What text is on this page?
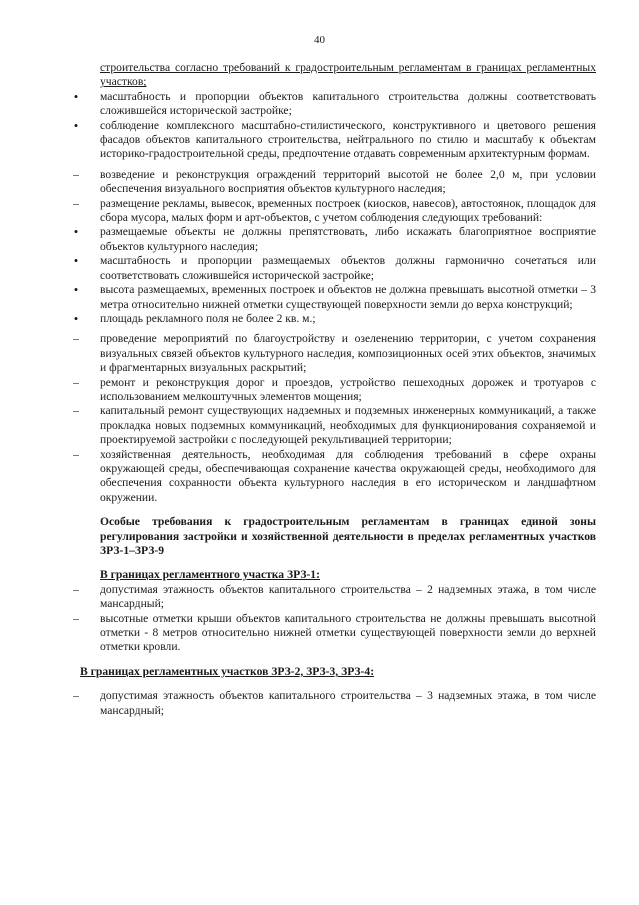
40
строительства согласно требований к градостроительным регламентам в границах регламентных участков;
•	масштабность и пропорции объектов капитального строительства должны соответствовать сложившейся исторической застройке;
•	соблюдение комплексного масштабно-стилистического, конструктивного и цветового решения фасадов объектов капитального строительства, нейтрального по стилю и масштабу к объектам историко-градостроительной среды, предпочтение отдавать современным архитектурным формам.
– возведение и реконструкция ограждений территорий высотой не более 2,0 м, при условии обеспечения визуального восприятия объектов культурного наследия;
– размещение рекламы, вывесок, временных построек (киосков, навесов), автостоянок, площадок для сбора мусора, малых форм и арт-объектов, с учетом соблюдения следующих требований:
•	размещаемые объекты не должны препятствовать, либо искажать благоприятное восприятие объектов культурного наследия;
•	масштабность и пропорции размещаемых объектов должны гармонично сочетаться или соответствовать сложившейся исторической застройке;
•	высота размещаемых, временных построек и объектов не должна превышать высотной отметки – 3 метра относительно нижней отметки существующей поверхности земли до верха конструкций;
•	площадь рекламного поля не более 2 кв. м.;
– проведение мероприятий по благоустройству и озеленению территории, с учетом сохранения визуальных связей объектов культурного наследия, композиционных осей этих объектов, значимых и фрагментарных визуальных раскрытий;
– ремонт и реконструкция дорог и проездов, устройство пешеходных дорожек и тротуаров с использованием мелкоштучных элементов мощения;
– капитальный ремонт существующих надземных и подземных инженерных коммуникаций, а также прокладка новых подземных коммуникаций, необходимых для функционирования сохраняемой и проектируемой застройки с последующей рекультивацией территории;
– хозяйственная деятельность, необходимая для соблюдения требований в сфере охраны окружающей среды, обеспечивающая сохранение качества окружающей среды, необходимого для обеспечения сохранности объекта культурного наследия в его историческом и ландшафтном окружении.
Особые требования к градостроительным регламентам в границах единой зоны регулирования застройки и хозяйственной деятельности в пределах регламентных участков ЗРЗ-1–ЗРЗ-9
В границах регламентного участка ЗРЗ-1:
– допустимая этажность объектов капитального строительства – 2 надземных этажа, в том числе мансардный;
– высотные отметки крыши объектов капитального строительства не должны превышать высотной отметки - 8 метров относительно нижней отметки существующей поверхности земли до верхней отметки кровли.
В границах регламентных участков ЗРЗ-2, ЗРЗ-3, ЗРЗ-4:
– допустимая этажность объектов капитального строительства – 3 надземных этажа, в том числе мансардный;
